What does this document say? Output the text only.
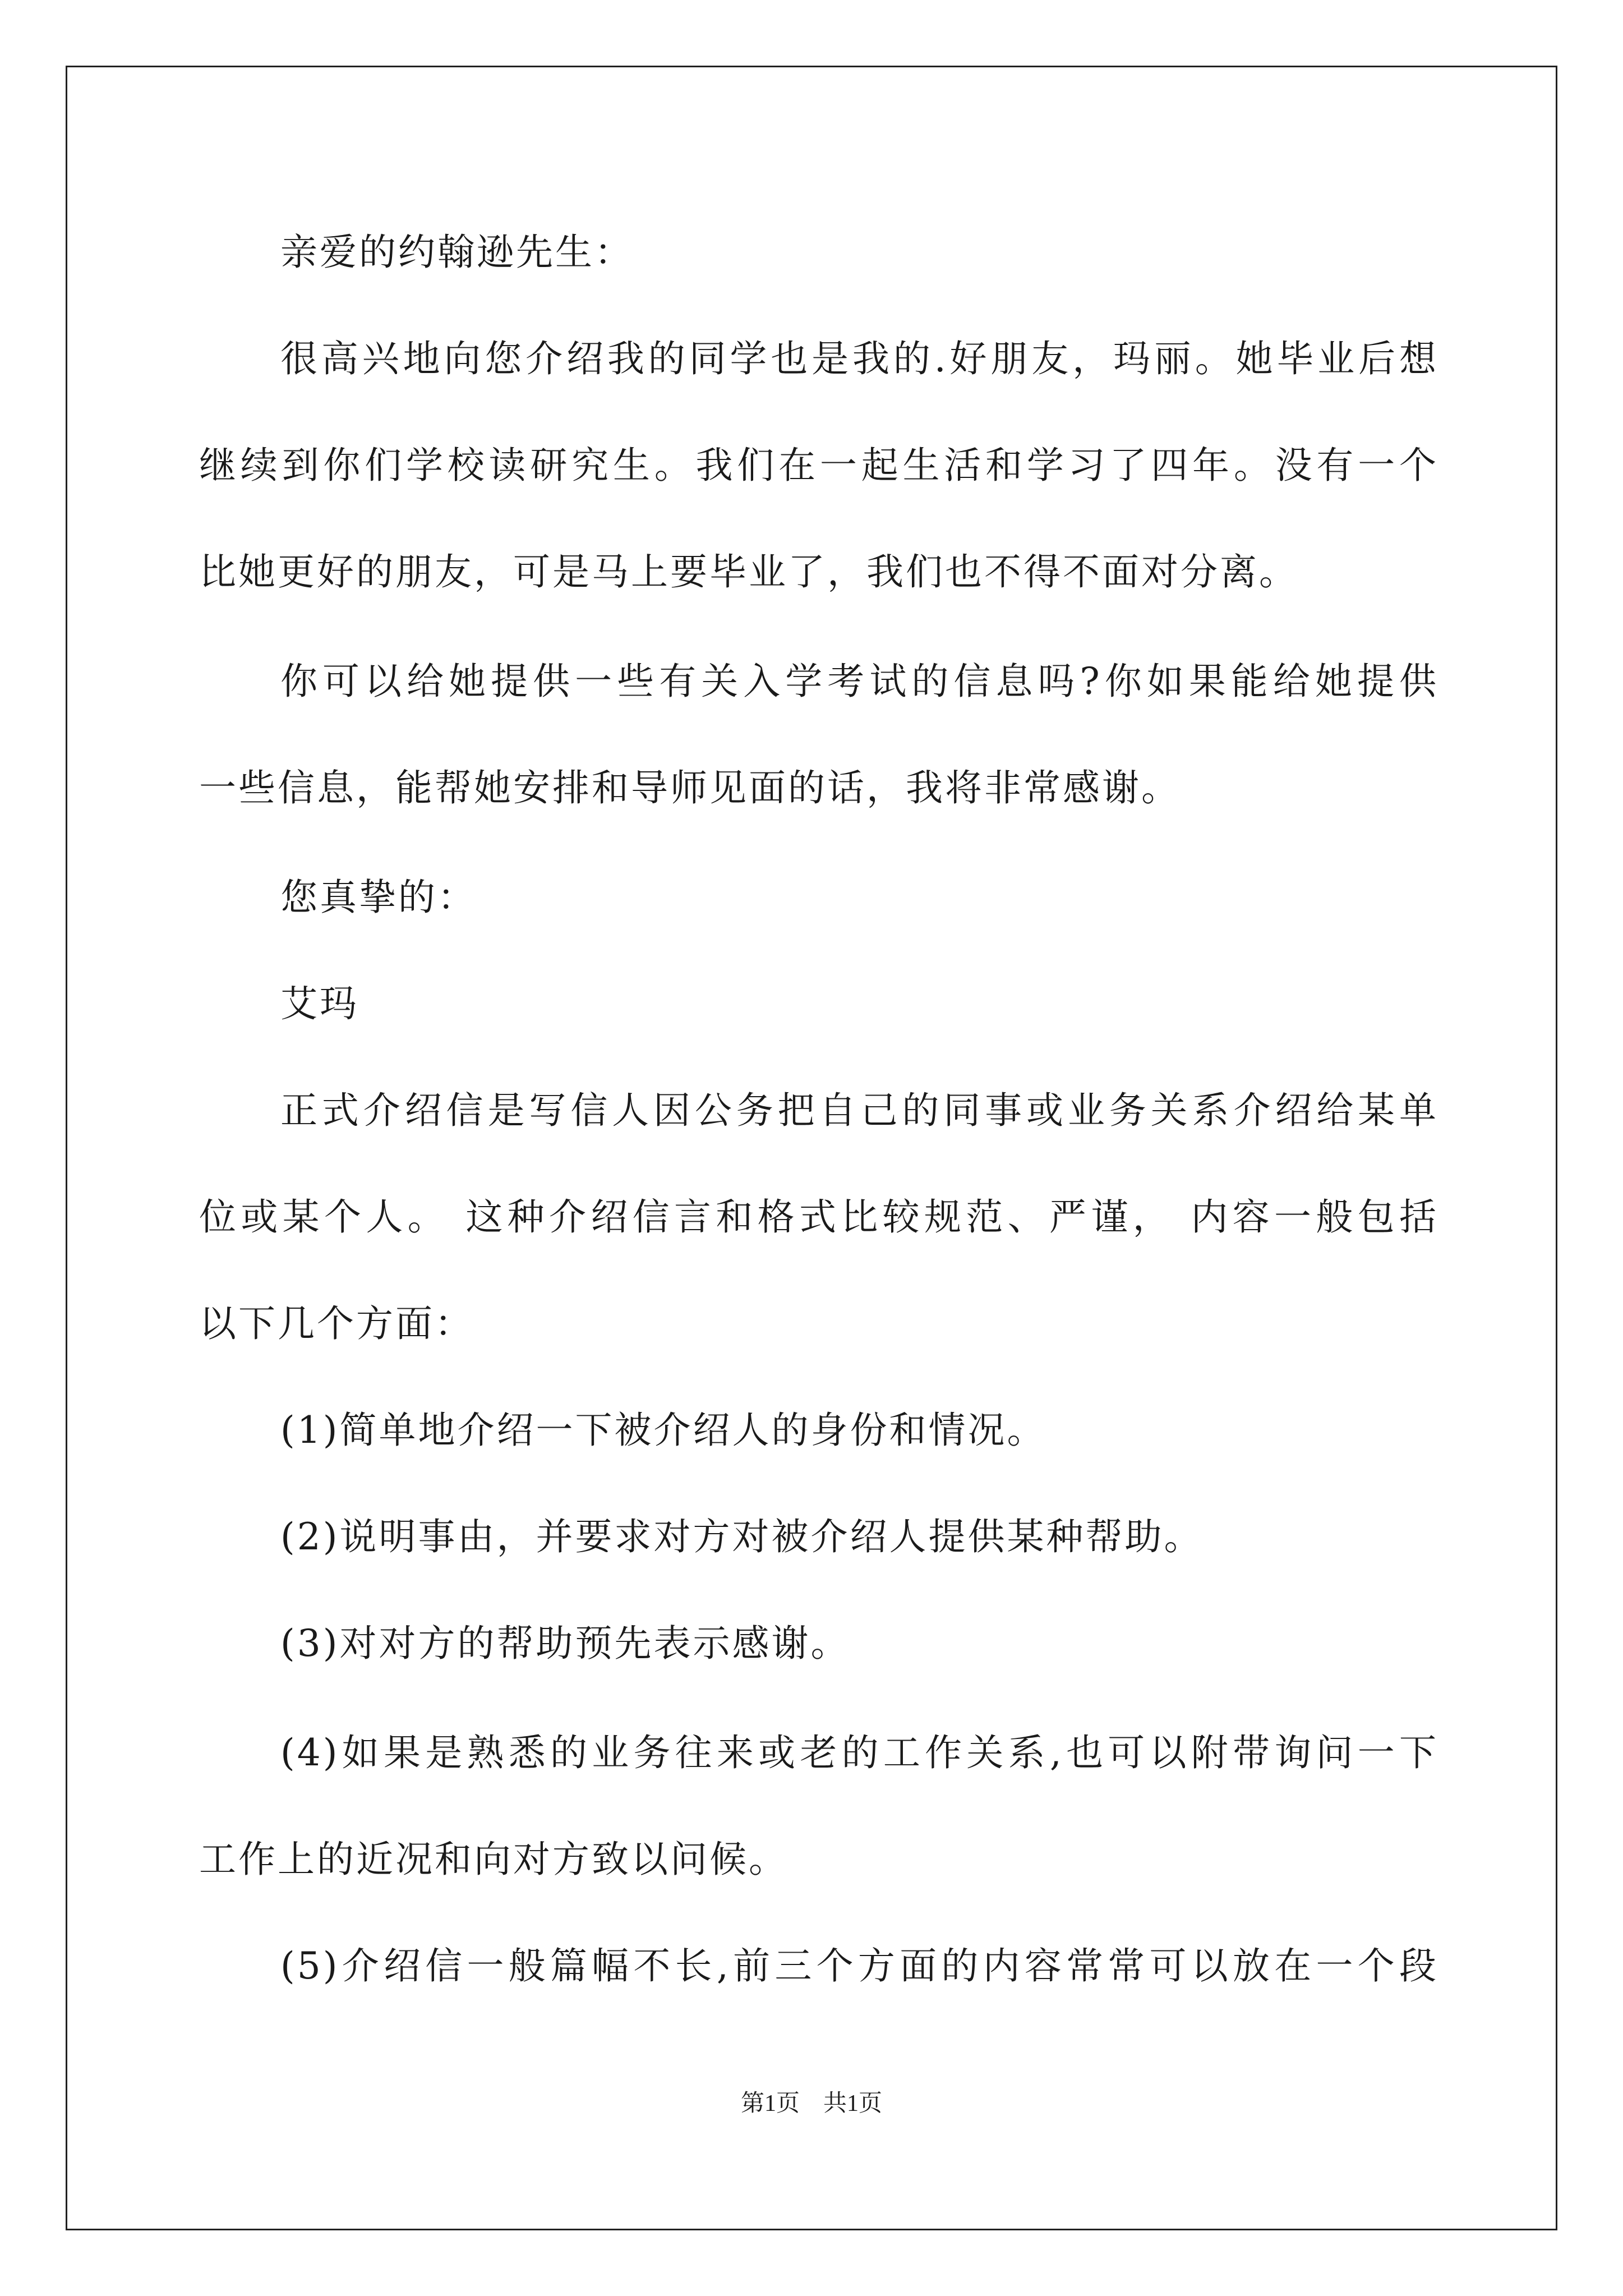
亲爱的约翰逊先生：
很高兴地向您介绍我的同学也是我的.好朋友，玛丽。她毕业后想
继续到你们学校读研究生。我们在一起生活和学习了四年。没有一个
比她更好的朋友，可是马上要毕业了，我们也不得不面对分离。
你可以给她提供一些有关入学考试的信息吗?你如果能给她提供
一些信息，能帮她安排和导师见面的话，我将非常感谢。
您真挚的：
艾玛
正式介绍信是写信人因公务把自己的同事或业务关系介绍给某单
位或某个人。 这种介绍信言和格式比较规范、严谨， 内容一般包括
以下几个方面：
(1)简单地介绍一下被介绍人的身份和情况。
(2)说明事由，并要求对方对被介绍人提供某种帮助。
(3)对对方的帮助预先表示感谢。
(4)如果是熟悉的业务往来或老的工作关系,也可以附带询问一下
工作上的近况和向对方致以问候。
(5)介绍信一般篇幅不长,前三个方面的内容常常可以放在一个段
第1页　共1页
